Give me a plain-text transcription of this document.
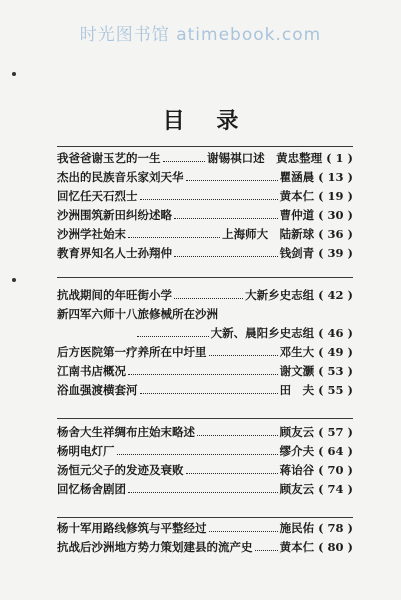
时光图书馆 atimebook.com
目 录
我爸爸谢玉艺的一生	谢锡祺口述　黄忠整理 ( 1 )
杰出的民族音乐家刘天华	瞿涵晨 ( 13 )
回忆任天石烈士	黄本仁 ( 19 )
沙洲围筑新田纠纷述略	曹仲道 ( 30 )
沙洲学社始末	上海师大　陆新球 ( 36 )
教育界知名人士孙翔仲	钱剑青 ( 39 )
抗战期间的年旺街小学	大新乡史志组 ( 42 )
新四军六师十八旅修械所在沙洲
大新、晨阳乡史志组 ( 46 )
后方医院第一疗养所在中圩里	邓生大 ( 49 )
江南书店概况	谢文灏 ( 53 )
浴血强渡横套河	田　夫 ( 55 )
杨舍大生祥绸布庄始末略述	顾友云 ( 57 )
杨明电灯厂	缪介夫 ( 64 )
汤恒元父子的发迹及衰败	蒋诒谷 ( 70 )
回忆杨舍剧团	顾友云 ( 74 )
杨十军用路线修筑与平整经过	施民佑 ( 78 )
抗战后沙洲地方势力策划建县的流产史 黄本仁 ( 80 )
